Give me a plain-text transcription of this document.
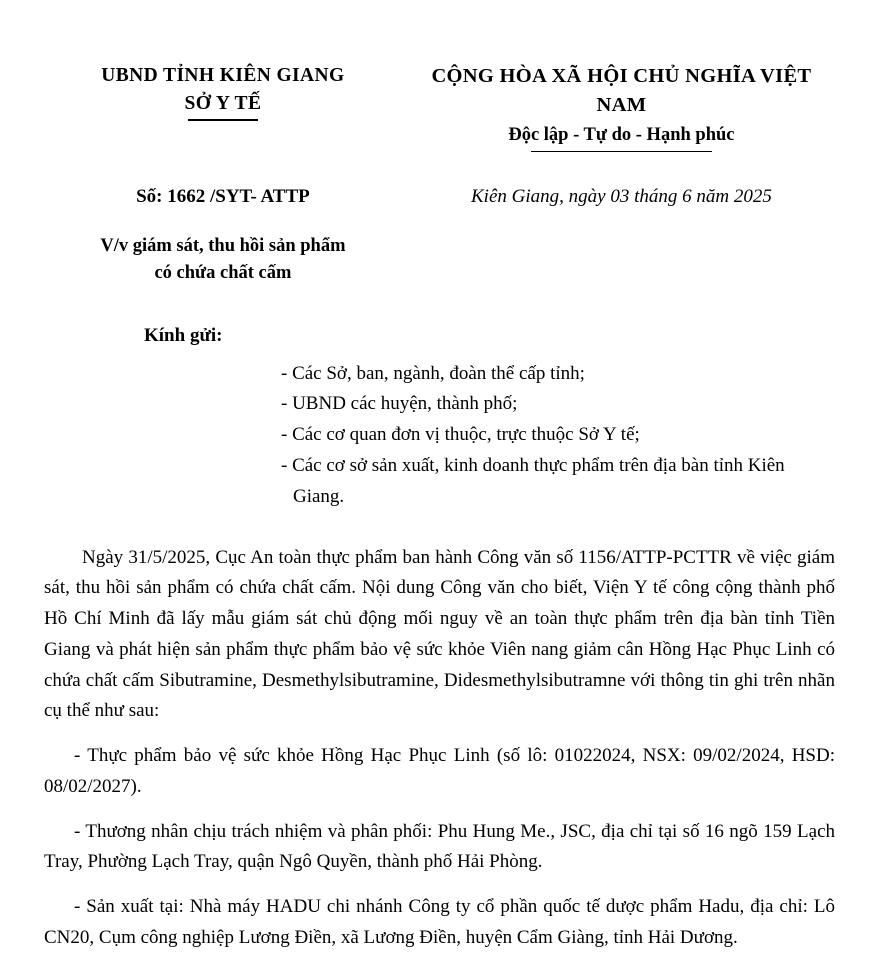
UBND TỈNH KIÊN GIANG
SỞ Y TẾ
CỘNG HÒA XÃ HỘI CHỦ NGHĨA VIỆT NAM
Độc lập - Tự do - Hạnh phúc
Số: 1662 /SYT- ATTP	Kiên Giang, ngày 03 tháng 6 năm 2025
V/v giám sát, thu hồi sản phẩm
có chứa chất cấm
Kính gửi:
- Các Sở, ban, ngành, đoàn thể cấp tỉnh;
- UBND các huyện, thành phố;
- Các cơ quan đơn vị thuộc, trực thuộc Sở Y tế;
- Các cơ sở sản xuất, kinh doanh thực phẩm trên địa bàn tỉnh Kiên Giang.

Ngày 31/5/2025, Cục An toàn thực phẩm ban hành Công văn số 1156/ATTP-PCTTR về việc giám sát, thu hồi sản phẩm có chứa chất cấm. Nội dung Công văn cho biết, Viện Y tế công cộng thành phố Hồ Chí Minh đã lấy mẫu giám sát chủ động mối nguy về an toàn thực phẩm trên địa bàn tỉnh Tiền Giang và phát hiện sản phẩm thực phẩm bảo vệ sức khỏe Viên nang giảm cân Hồng Hạc Phục Linh có chứa chất cấm Sibutramine, Desmethylsibutramine, Didesmethylsibutramne với thông tin ghi trên nhãn cụ thể như sau:

- Thực phẩm bảo vệ sức khỏe Hồng Hạc Phục Linh (số lô: 01022024, NSX: 09/02/2024, HSD: 08/02/2027).

- Thương nhân chịu trách nhiệm và phân phối: Phu Hung Me., JSC, địa chỉ tại số 16 ngõ 159 Lạch Tray, Phường Lạch Tray, quận Ngô Quyền, thành phố Hải Phòng.

- Sản xuất tại: Nhà máy HADU chi nhánh Công ty cổ phần quốc tế dược phẩm Hadu, địa chỉ: Lô CN20, Cụm công nghiệp Lương Điền, xã Lương Điền, huyện Cẩm Giàng, tỉnh Hải Dương.
